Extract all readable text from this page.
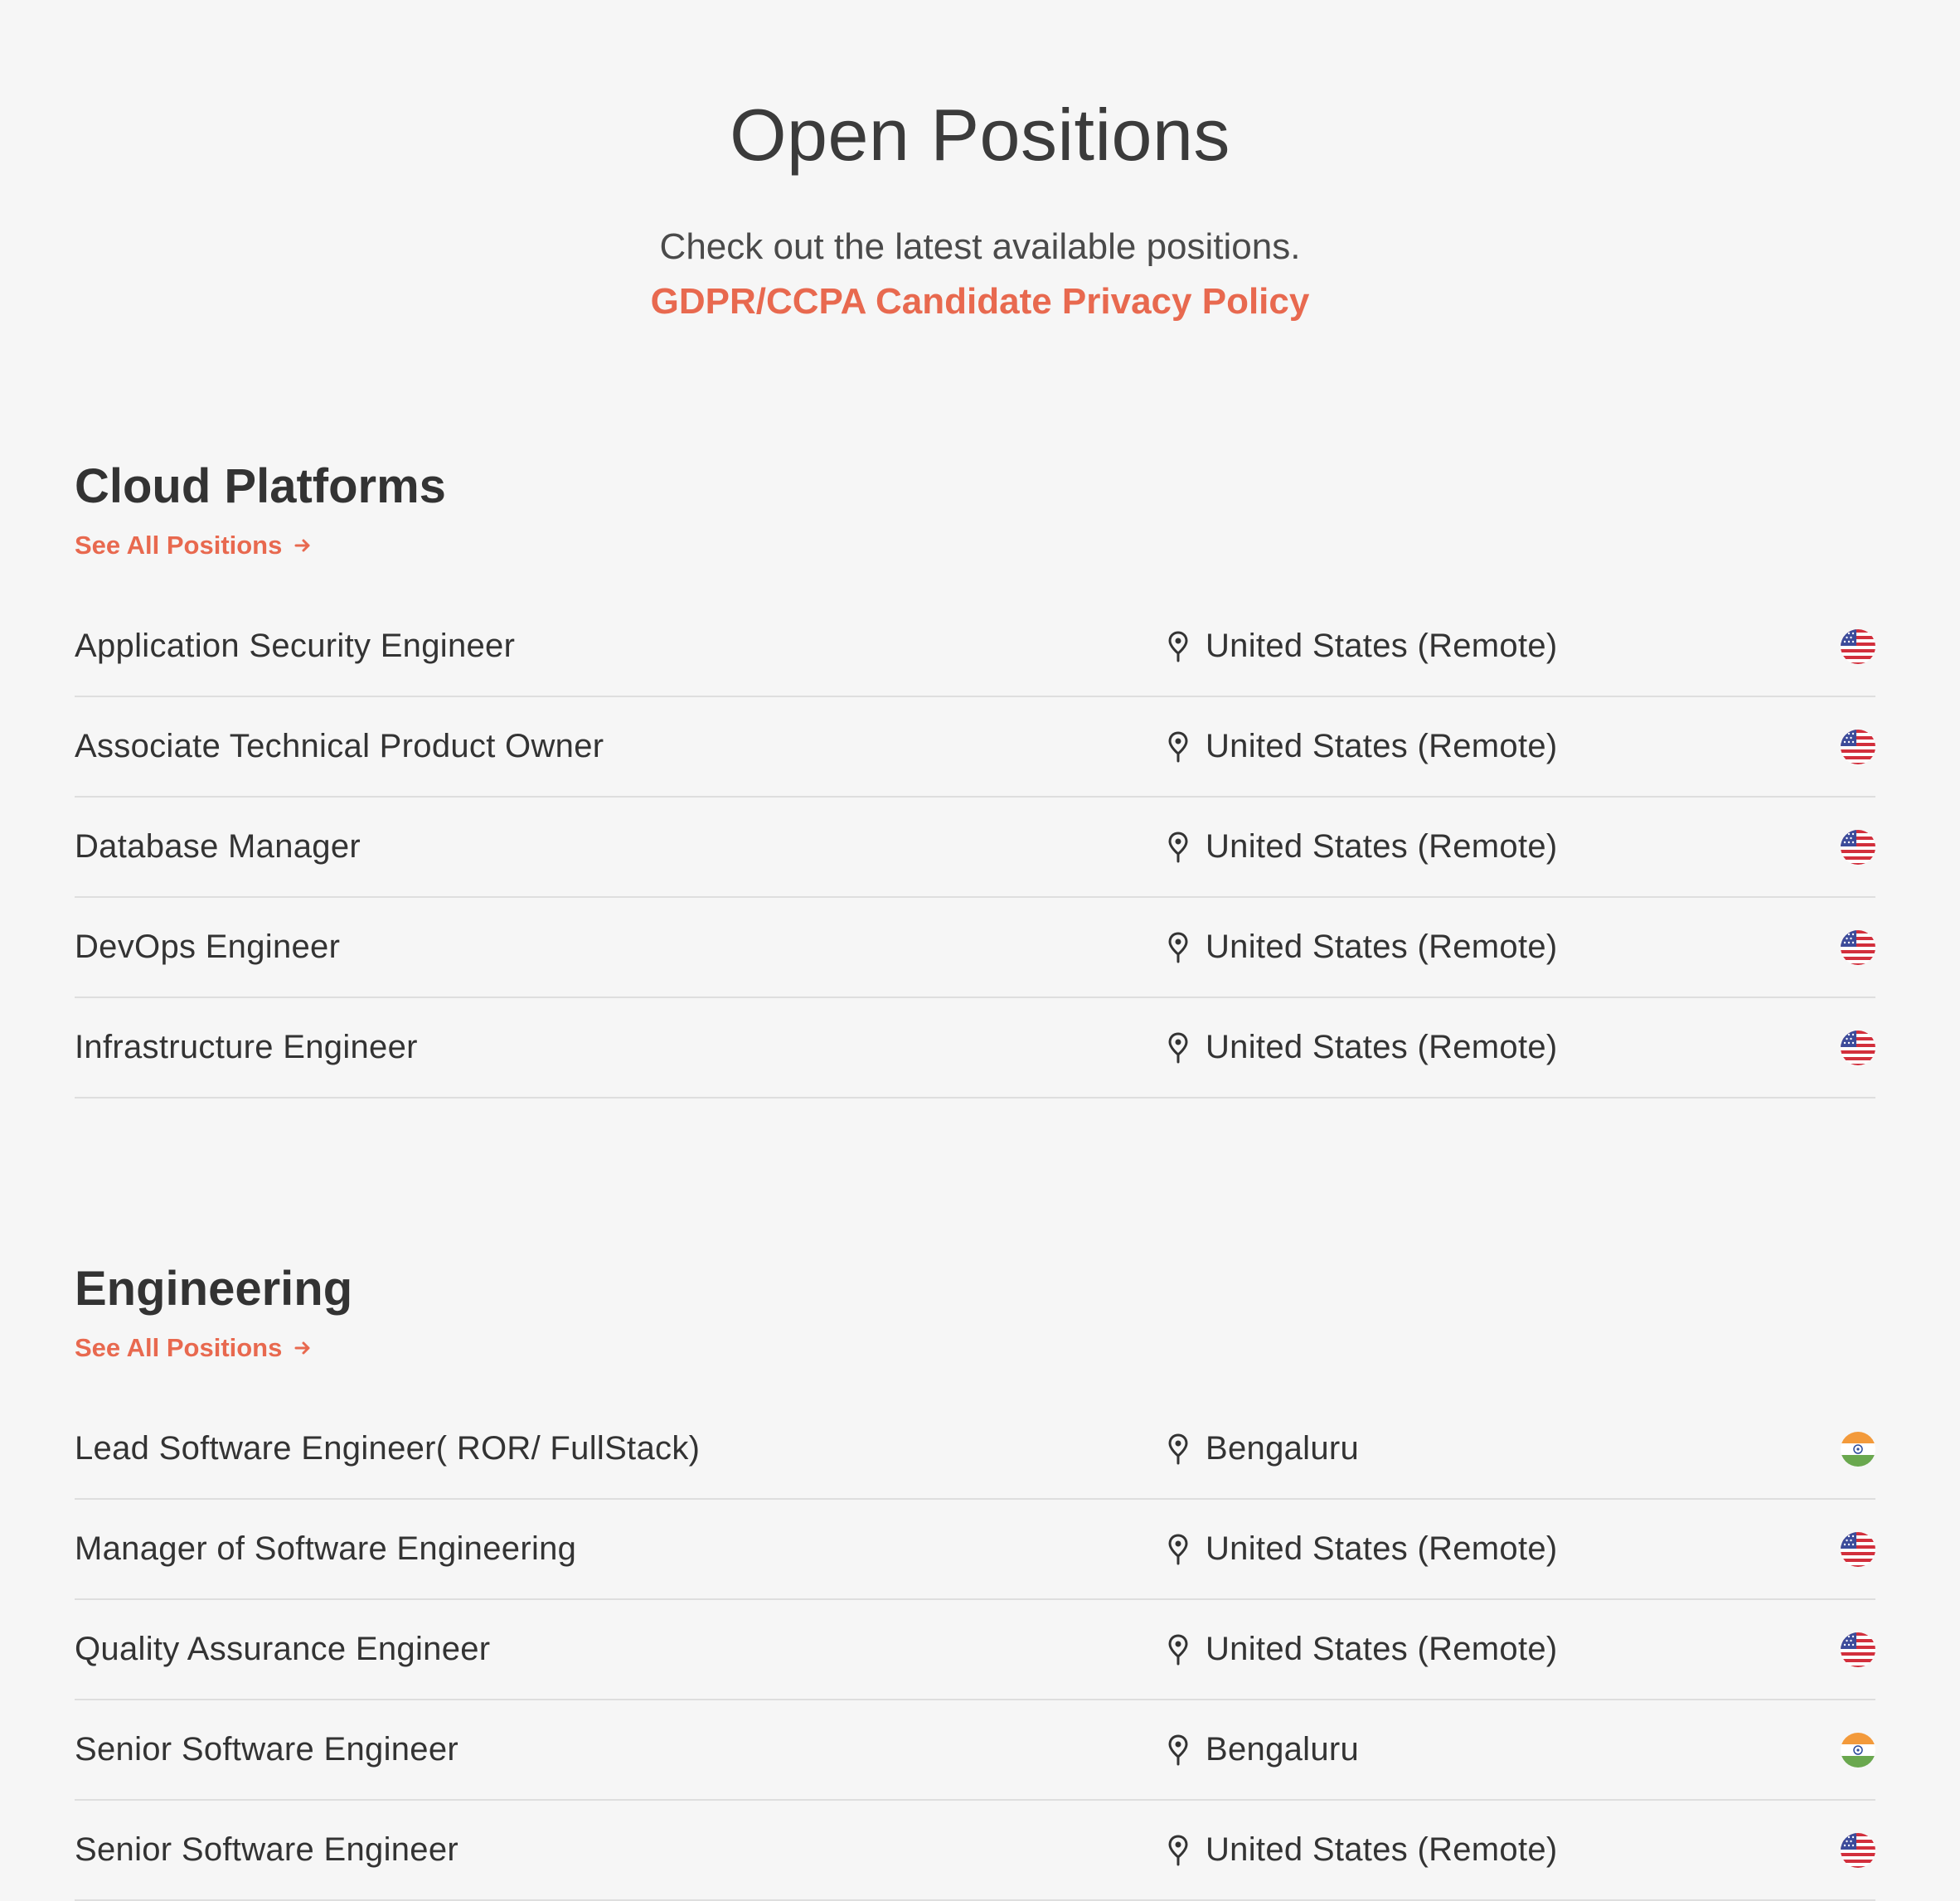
Open Positions
Check out the latest available positions.
GDPR/CCPA Candidate Privacy Policy
Cloud Platforms
See All Positions
Application Security Engineer	United States (Remote)
Associate Technical Product Owner	United States (Remote)
Database Manager	United States (Remote)
DevOps Engineer	United States (Remote)
Infrastructure Engineer	United States (Remote)
Engineering
See All Positions
Lead Software Engineer( ROR/ FullStack)	Bengaluru
Manager of Software Engineering	United States (Remote)
Quality Assurance Engineer	United States (Remote)
Senior Software Engineer	Bengaluru
Senior Software Engineer	United States (Remote)
